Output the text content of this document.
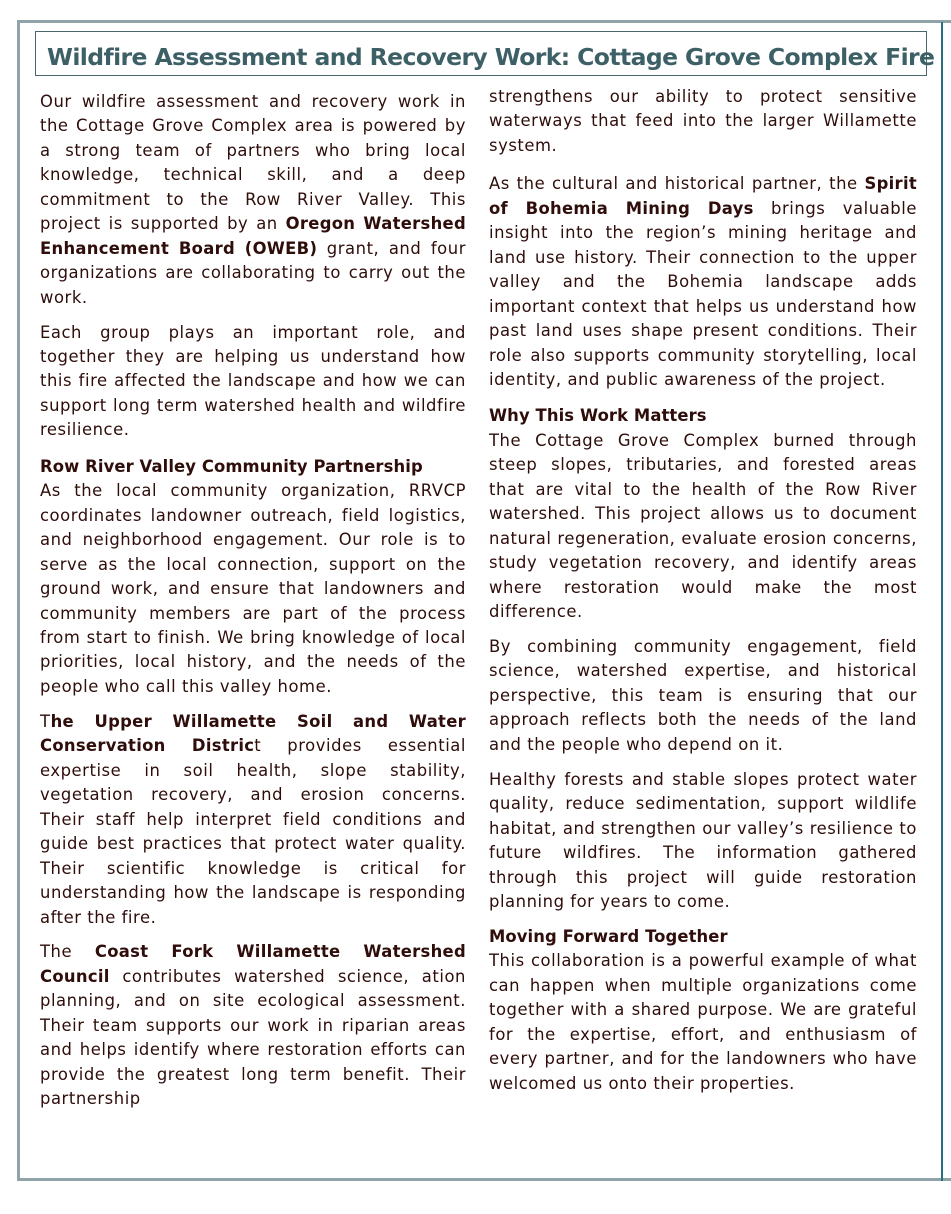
Wildfire Assessment and Recovery Work: Cottage Grove Complex Fire

Our wildfire assessment and recovery work in the Cottage Grove Complex area is powered by a strong team of partners who bring local knowledge, technical skill, and a deep commitment to the Row River Valley. This project is supported by an Oregon Watershed Enhancement Board (OWEB) grant, and four organizations are collaborating to carry out the work.

Each group plays an important role, and together they are helping us understand how this fire affected the landscape and how we can support long term watershed health and wildfire resilience.

Row River Valley Community Partnership

As the local community organization, RRVCP coordinates landowner outreach, field logistics, and neighborhood engagement. Our role is to serve as the local connection, support on the ground work, and ensure that landowners and community members are part of the process from start to finish. We bring knowledge of local priorities, local history, and the needs of the people who call this valley home.

The Upper Willamette Soil and Water Conservation District provides essential expertise in soil health, slope stability, vegetation recovery, and erosion concerns. Their staff help interpret field conditions and guide best practices that protect water quality. Their scientific knowledge is critical for understanding how the landscape is responding after the fire.

The Coast Fork Willamette Watershed Council contributes watershed science, ation planning, and on site ecological assessment. Their team supports our work in riparian areas and helps identify where restoration efforts can provide the greatest long term benefit. Their partnership

strengthens our ability to protect sensitive waterways that feed into the larger Willamette system.

As the cultural and historical partner, the Spirit of Bohemia Mining Days brings valuable insight into the region’s mining heritage and land use history. Their connection to the upper valley and the Bohemia landscape adds important context that helps us understand how past land uses shape present conditions. Their role also supports community storytelling, local identity, and public awareness of the project.

Why This Work Matters

The Cottage Grove Complex burned through steep slopes, tributaries, and forested areas that are vital to the health of the Row River watershed. This project allows us to document natural regeneration, evaluate erosion concerns, study vegetation recovery, and identify areas where restoration would make the most difference.

By combining community engagement, field science, watershed expertise, and historical perspective, this team is ensuring that our approach reflects both the needs of the land and the people who depend on it.

Healthy forests and stable slopes protect water quality, reduce sedimentation, support wildlife habitat, and strengthen our valley’s resilience to future wildfires. The information gathered through this project will guide restoration planning for years to come.

Moving Forward Together

This collaboration is a powerful example of what can happen when multiple organizations come together with a shared purpose. We are grateful for the expertise, effort, and enthusiasm of every partner, and for the landowners who have welcomed us onto their properties.
